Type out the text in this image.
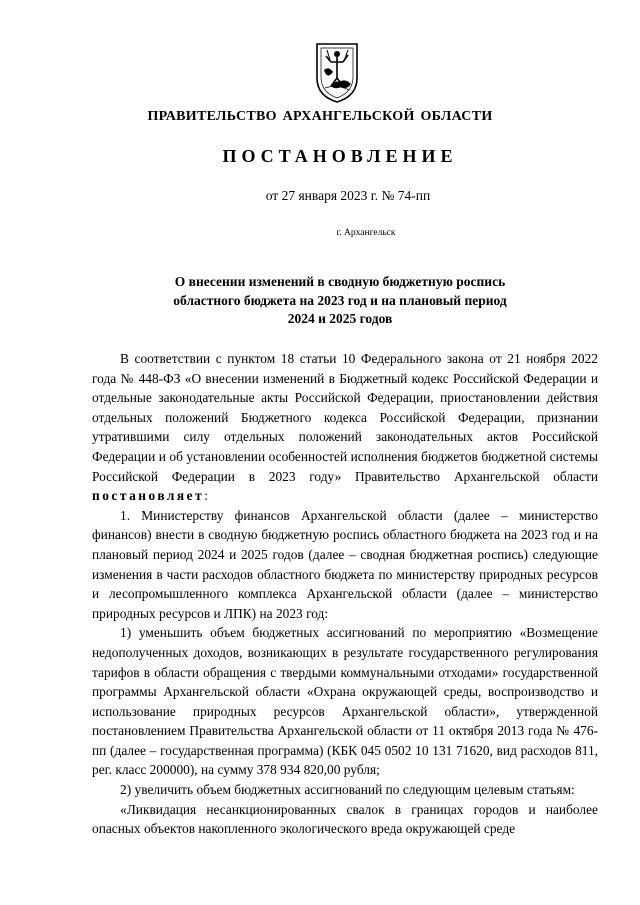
ПРАВИТЕЛЬСТВО АРХАНГЕЛЬСКОЙ ОБЛАСТИ
ПОСТАНОВЛЕНИЕ
от 27 января 2023 г. № 74-пп
г. Архангельск
О внесении изменений в сводную бюджетную роспись
областного бюджета на 2023 год и на плановый период
2024 и 2025 годов

В соответствии с пунктом 18 статьи 10 Федерального закона от 21 ноября 2022 года № 448-ФЗ «О внесении изменений в Бюджетный кодекс Российской Федерации и отдельные законодательные акты Российской Федерации, приостановлении действия отдельных положений Бюджетного кодекса Российской Федерации, признании утратившими силу отдельных положений законодательных актов Российской Федерации и об установлении особенностей исполнения бюджетов бюджетной системы Российской Федерации в 2023 году» Правительство Архангельской области постановляет:

1. Министерству финансов Архангельской области (далее – министерство финансов) внести в сводную бюджетную роспись областного бюджета на 2023 год и на плановый период 2024 и 2025 годов (далее – сводная бюджетная роспись) следующие изменения в части расходов областного бюджета по министерству природных ресурсов и лесопромышленного комплекса Архангельской области (далее – министерство природных ресурсов и ЛПК) на 2023 год:

1) уменьшить объем бюджетных ассигнований по мероприятию «Возмещение недополученных доходов, возникающих в результате государственного регулирования тарифов в области обращения с твердыми коммунальными отходами» государственной программы Архангельской области «Охрана окружающей среды, воспроизводство и использование природных ресурсов Архангельской области», утвержденной постановлением Правительства Архангельской области от 11 октября 2013 года № 476-пп (далее – государственная программа) (КБК 045 0502 10 131 71620, вид расходов 811, рег. класс 200000), на сумму 378 934 820,00 рубля;

2) увеличить объем бюджетных ассигнований по следующим целевым статьям:

«Ликвидация несанкционированных свалок в границах городов и наиболее опасных объектов накопленного экологического вреда окружающей среде
